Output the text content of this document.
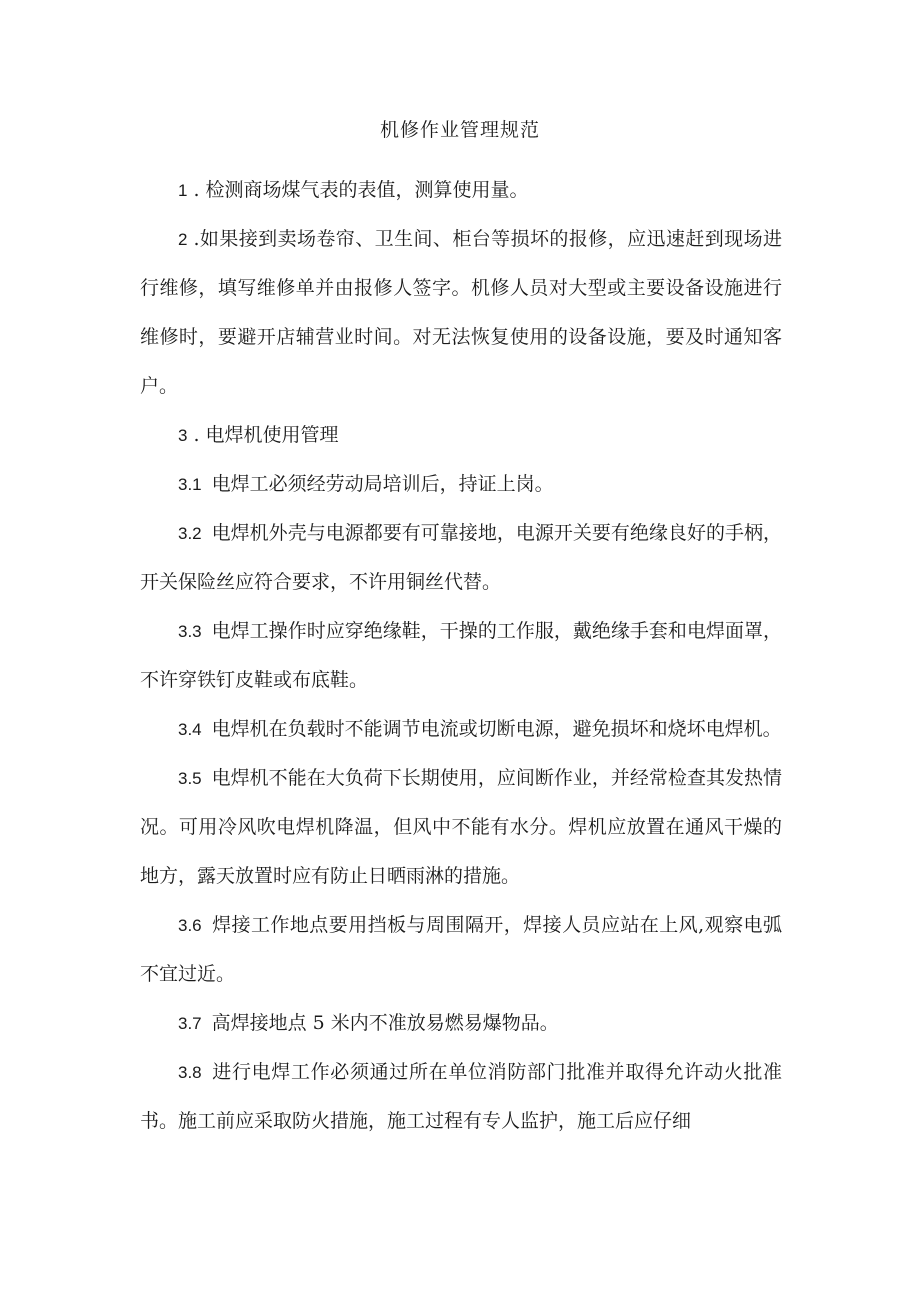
机修作业管理规范

1 . 检测商场煤气表的表值，测算使用量。

2 .如果接到卖场卷帘、卫生间、柜台等损坏的报修，应迅速赶到现场进行维修，填写维修单并由报修人签字。机修人员对大型或主要设备设施进行维修时，要避开店辅营业时间。对无法恢复使用的设备设施，要及时通知客户。

3 . 电焊机使用管理

3.1 电焊工必须经劳动局培训后，持证上岗。

3.2 电焊机外壳与电源都要有可靠接地，电源开关要有绝缘良好的手柄，开关保险丝应符合要求，不许用铜丝代替。

3.3 电焊工操作时应穿绝缘鞋，干操的工作服，戴绝缘手套和电焊面罩，不许穿铁钉皮鞋或布底鞋。

3.4 电焊机在负载时不能调节电流或切断电源，避免损坏和烧坏电焊机。

3.5 电焊机不能在大负荷下长期使用，应间断作业，并经常检查其发热情况。可用冷风吹电焊机降温，但风中不能有水分。焊机应放置在通风干燥的地方，露天放置时应有防止日晒雨淋的措施。

3.6 焊接工作地点要用挡板与周围隔开，焊接人员应站在上风,观察电弧不宜过近。

3.7 高焊接地点 5 米内不准放易燃易爆物品。

3.8 进行电焊工作必须通过所在单位消防部门批准并取得允许动火批准书。施工前应采取防火措施，施工过程有专人监护，施工后应仔细
